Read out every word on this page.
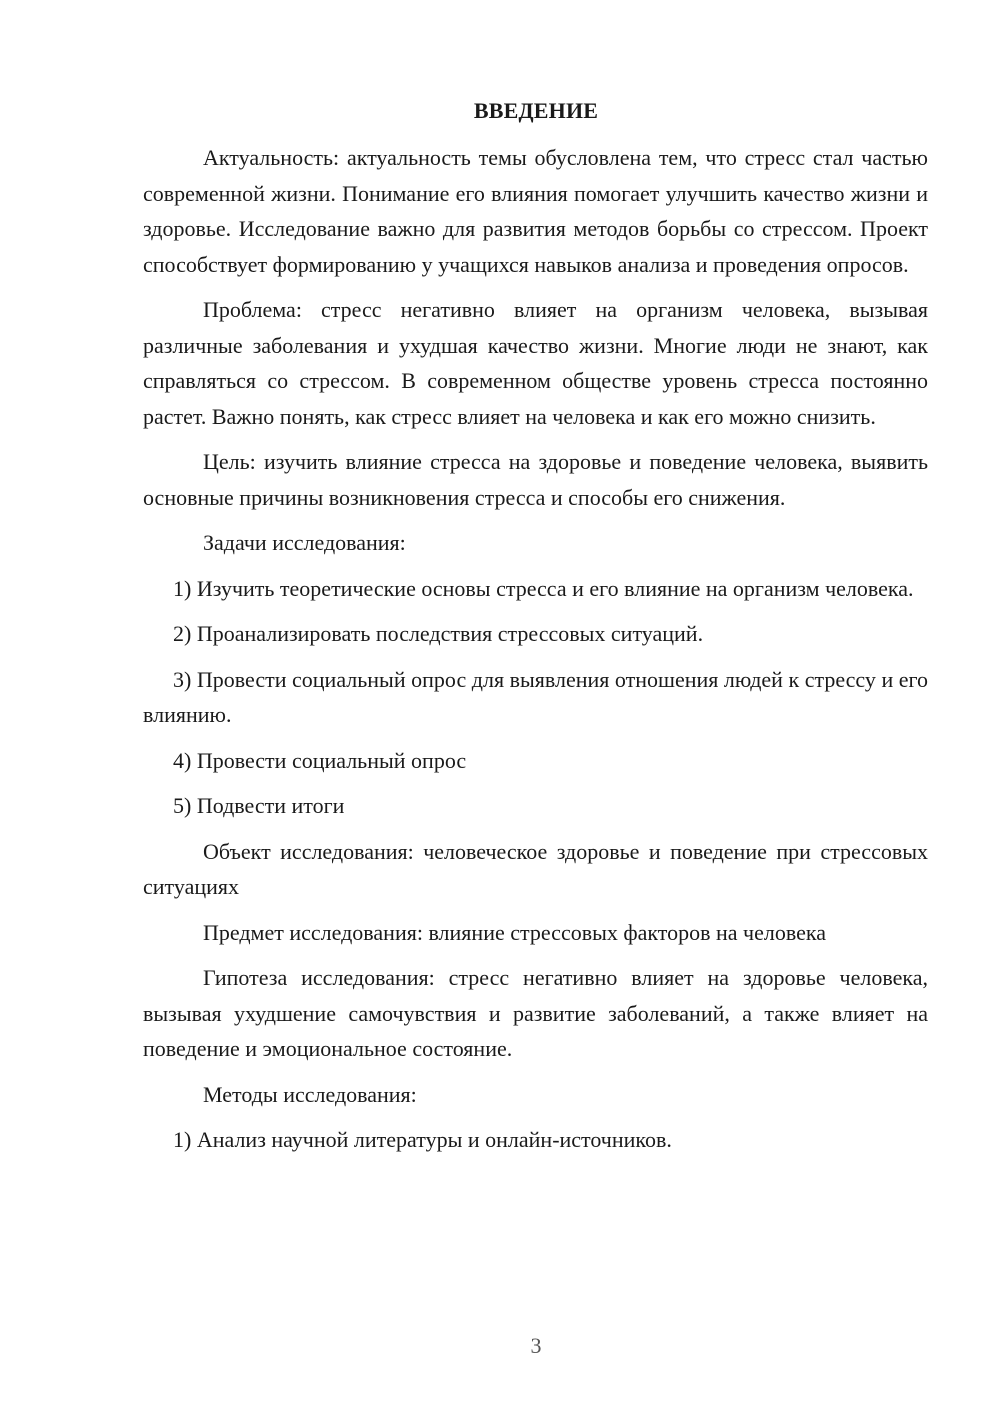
ВВЕДЕНИЕ

Актуальность: актуальность темы обусловлена тем, что стресс стал частью современной жизни. Понимание его влияния помогает улучшить качество жизни и здоровье. Исследование важно для развития методов борьбы со стрессом. Проект способствует формированию у учащихся навыков анализа и проведения опросов.

Проблема: стресс негативно влияет на организм человека, вызывая различные заболевания и ухудшая качество жизни. Многие люди не знают, как справляться со стрессом. В современном обществе уровень стресса постоянно растет. Важно понять, как стресс влияет на человека и как его можно снизить.

Цель: изучить влияние стресса на здоровье и поведение человека, выявить основные причины возникновения стресса и способы его снижения.

Задачи исследования:

1) Изучить теоретические основы стресса и его влияние на организм человека.

2) Проанализировать последствия стрессовых ситуаций.

3) Провести социальный опрос для выявления отношения людей к стрессу и его влиянию.

4) Провести социальный опрос

5) Подвести итоги

Объект исследования: человеческое здоровье и поведение при стрессовых ситуациях

Предмет исследования: влияние стрессовых факторов на человека

Гипотеза исследования: стресс негативно влияет на здоровье человека, вызывая ухудшение самочувствия и развитие заболеваний, а также влияет на поведение и эмоциональное состояние.

Методы исследования:

1) Анализ научной литературы и онлайн-источников.

3
